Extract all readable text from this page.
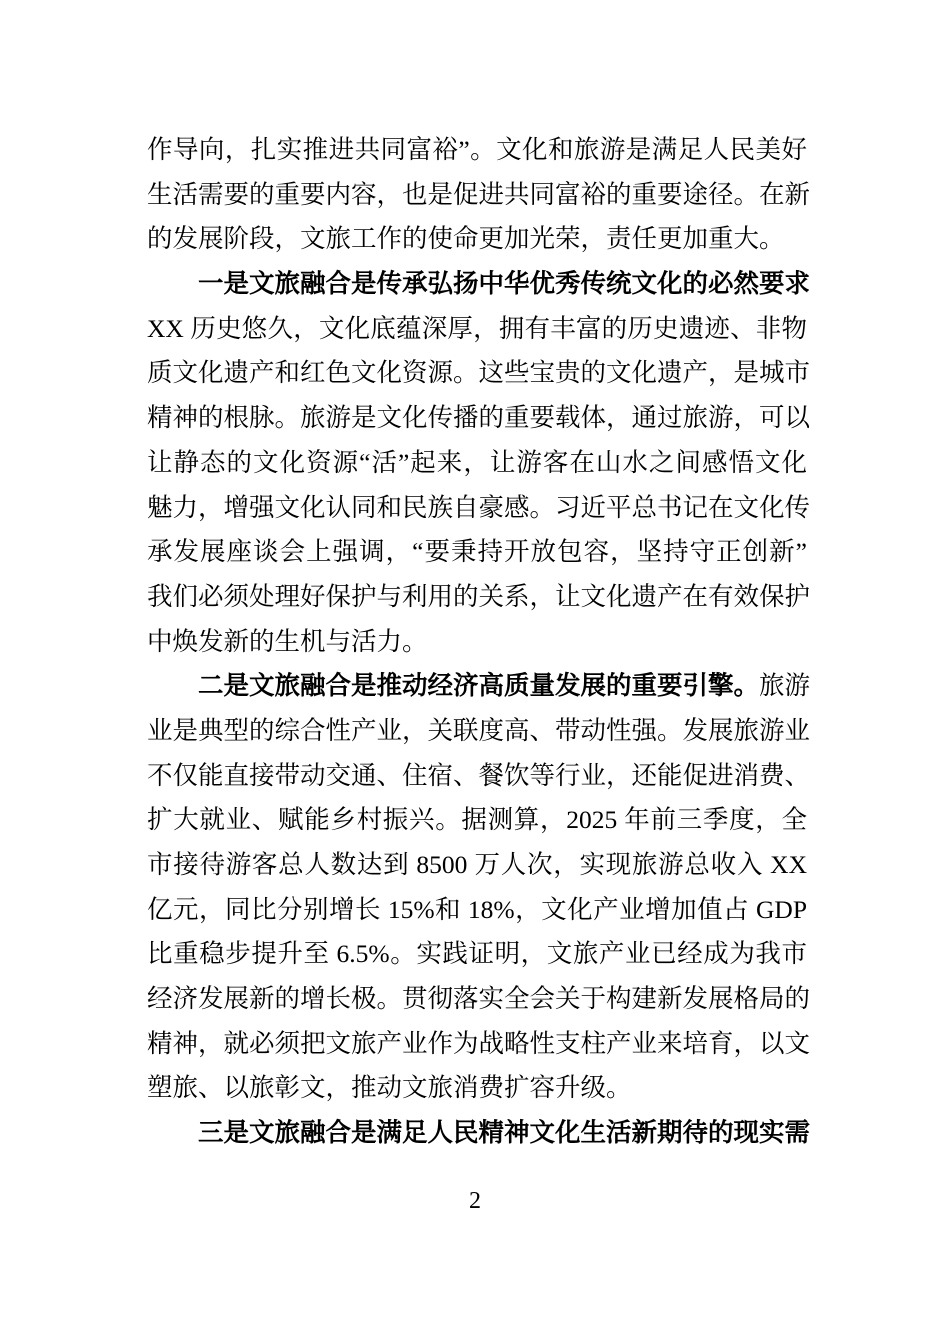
作导向，扎实推进共同富裕”。文化和旅游是满足人民美好
生活需要的重要内容，也是促进共同富裕的重要途径。在新
的发展阶段，文旅工作的使命更加光荣，责任更加重大。
一是文旅融合是传承弘扬中华优秀传统文化的必然要求
XX 历史悠久，文化底蕴深厚，拥有丰富的历史遗迹、非物
质文化遗产和红色文化资源。这些宝贵的文化遗产，是城市
精神的根脉。旅游是文化传播的重要载体，通过旅游，可以
让静态的文化资源“活”起来，让游客在山水之间感悟文化
魅力，增强文化认同和民族自豪感。习近平总书记在文化传
承发展座谈会上强调，“要秉持开放包容，坚持守正创新”
我们必须处理好保护与利用的关系，让文化遗产在有效保护
中焕发新的生机与活力。
二是文旅融合是推动经济高质量发展的重要引擎。旅游
业是典型的综合性产业，关联度高、带动性强。发展旅游业
不仅能直接带动交通、住宿、餐饮等行业，还能促进消费、
扩大就业、赋能乡村振兴。据测算，2025 年前三季度，全
市接待游客总人数达到 8500 万人次，实现旅游总收入 XX
亿元，同比分别增长 15%和 18%，文化产业增加值占 GDP
比重稳步提升至 6.5%。实践证明，文旅产业已经成为我市
经济发展新的增长极。贯彻落实全会关于构建新发展格局的
精神，就必须把文旅产业作为战略性支柱产业来培育，以文
塑旅、以旅彰文，推动文旅消费扩容升级。
三是文旅融合是满足人民精神文化生活新期待的现实需
2
